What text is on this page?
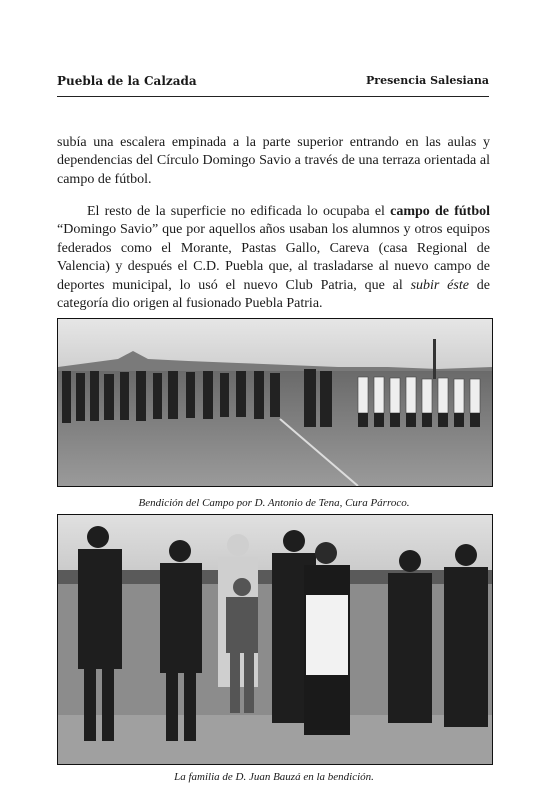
Puebla de la Calzada	Presencia Salesiana

subía una escalera empinada a la parte superior entrando en las aulas y dependencias del Círculo Domingo Savio a través de una terraza orientada al campo de fútbol.

El resto de la superficie no edificada lo ocupaba el campo de fútbol “Domingo Savio” que por aquellos años usaban los alumnos y otros equipos federados como el Morante, Pastas Gallo, Careva (casa Regional de Valencia) y después el C.D. Puebla que, al trasladarse al nuevo campo de deportes municipal, lo usó el nuevo Club Patria, que al subir éste de categoría dio origen al fusionado Puebla Patria.

Bendición del Campo por D. Antonio de Tena, Cura Párroco.
La familia de D. Juan Bauzá en la bendición.
